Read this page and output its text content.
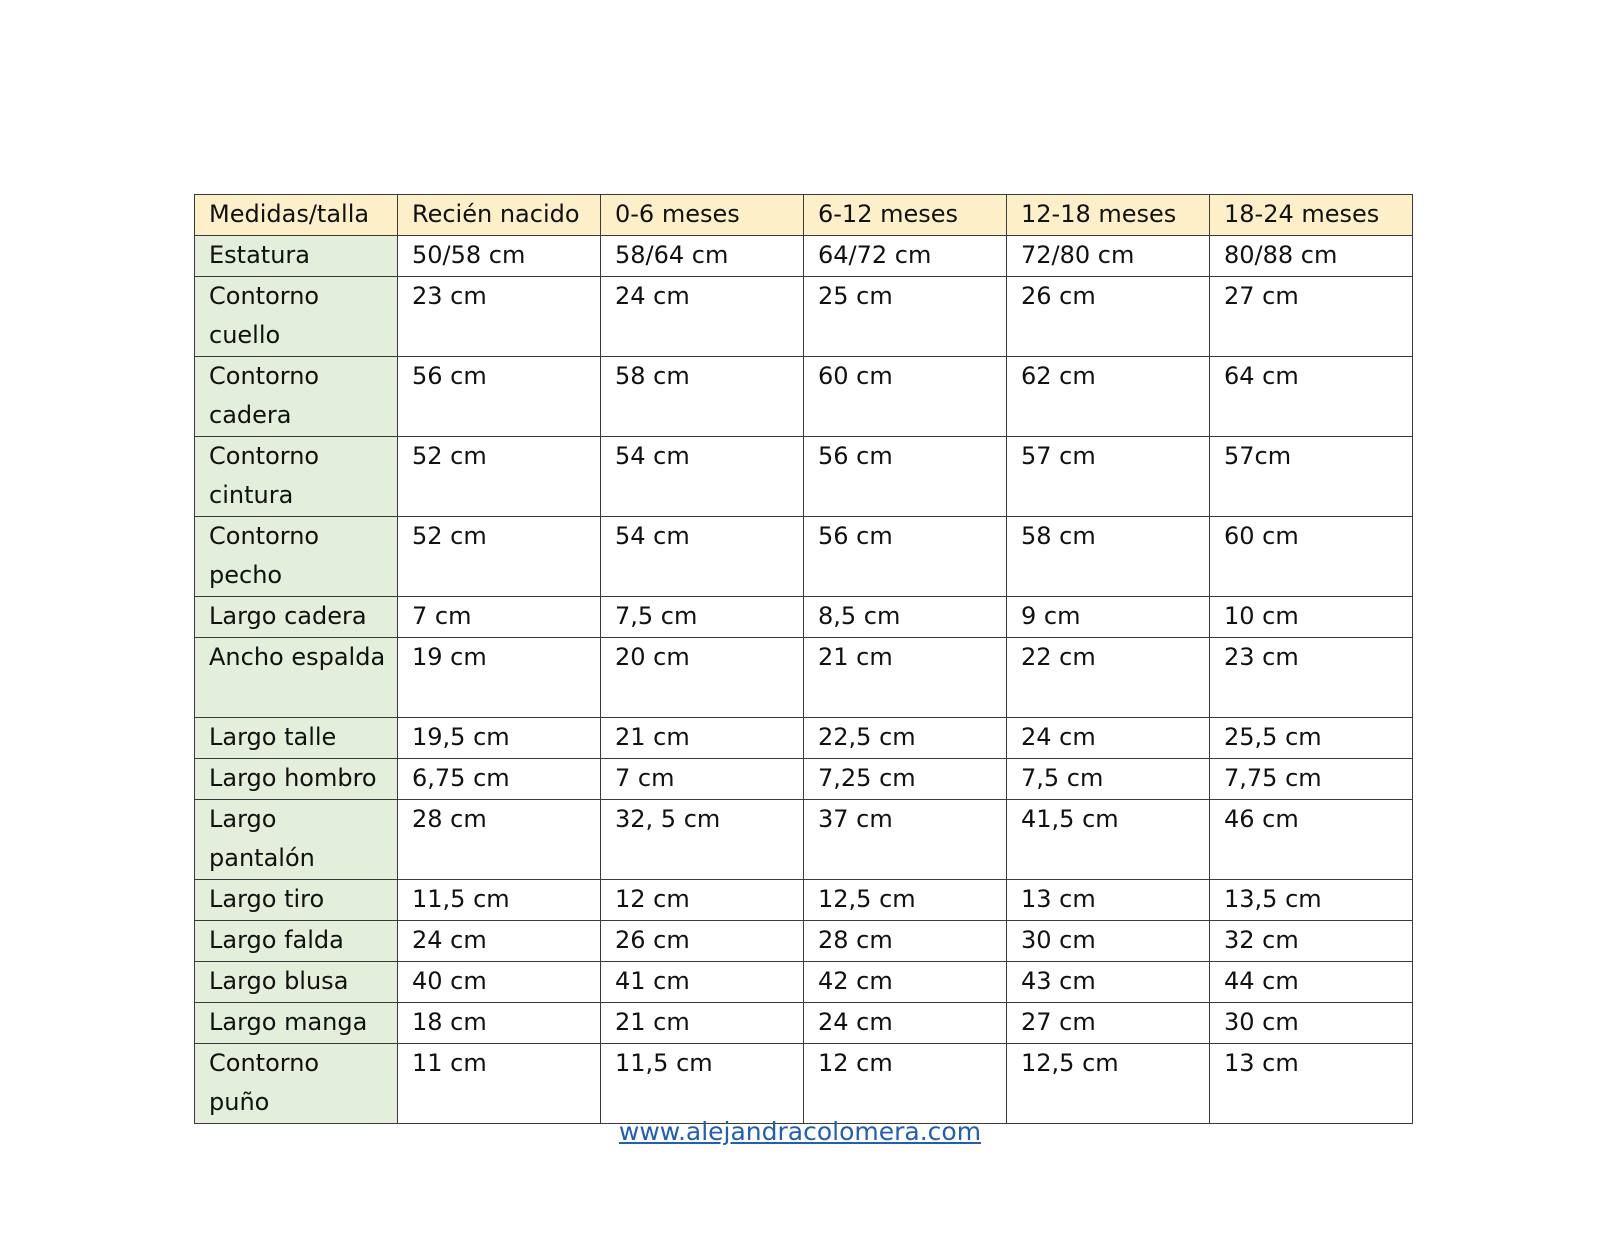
Medidas/talla	Recién nacido	0-6 meses	6-12 meses	12-18 meses	18-24 meses
Estatura	50/58 cm	58/64 cm	64/72 cm	72/80 cm	80/88 cm
Contorno cuello	23 cm	24 cm	25 cm	26 cm	27 cm
Contorno cadera	56 cm	58 cm	60 cm	62 cm	64 cm
Contorno cintura	52 cm	54 cm	56 cm	57 cm	57cm
Contorno pecho	52 cm	54 cm	56 cm	58 cm	60 cm
Largo cadera	7 cm	7,5 cm	8,5 cm	9 cm	10 cm
Ancho espalda	19 cm	20 cm	21 cm	22 cm	23 cm
Largo talle	19,5 cm	21 cm	22,5 cm	24 cm	25,5 cm
Largo hombro	6,75 cm	7 cm	7,25 cm	7,5 cm	7,75 cm
Largo pantalón	28 cm	32, 5 cm	37 cm	41,5 cm	46 cm
Largo tiro	11,5 cm	12 cm	12,5 cm	13 cm	13,5 cm
Largo falda	24 cm	26 cm	28 cm	30 cm	32 cm
Largo blusa	40 cm	41 cm	42 cm	43 cm	44 cm
Largo manga	18 cm	21 cm	24 cm	27 cm	30 cm
Contorno puño	11 cm	11,5 cm	12 cm	12,5 cm	13 cm
www.alejandracolomera.com
